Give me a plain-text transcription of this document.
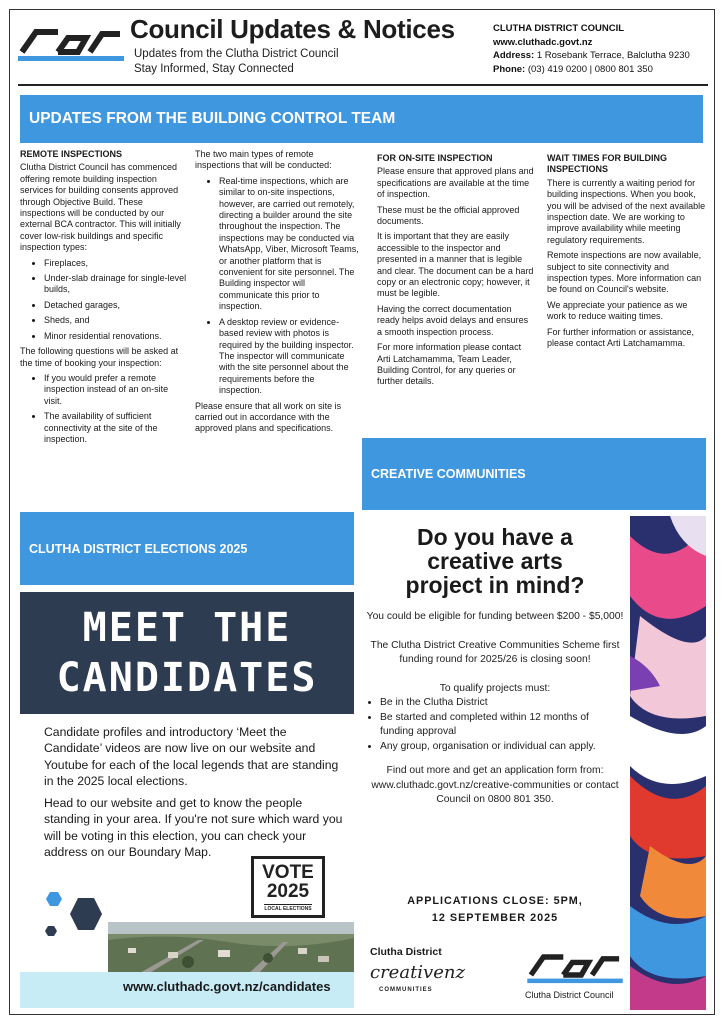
Council Updates & Notices
Updates from the Clutha District Council
Stay Informed, Stay Connected
CLUTHA DISTRICT COUNCIL
www.cluthadc.govt.nz
Address: 1 Rosebank Terrace, Balclutha 9230
Phone: (03) 419 0200 | 0800 801 350
UPDATES FROM THE BUILDING CONTROL TEAM
REMOTE INSPECTIONS

Clutha District Council has commenced offering remote building inspection services for building consents approved through Objective Build. These inspections will be conducted by our external BCA contractor. This will initially cover low-risk buildings and specific inspection types:

• Fireplaces,
• Under-slab drainage for single-level builds,
• Detached garages,
• Sheds, and
• Minor residential renovations.

The following questions will be asked at the time of booking your inspection:

• If you would prefer a remote inspection instead of an on-site visit.
• The availability of sufficient connectivity at the site of the inspection.

The two main types of remote inspections that will be conducted:

• Real-time inspections, which are similar to on-site inspections, however, are carried out remotely, directing a builder around the site throughout the inspection. The inspections may be conducted via WhatsApp, Viber, Microsoft Teams, or another platform that is convenient for site personnel. The Building inspector will communicate this prior to inspection.
• A desktop review or evidence-based review with photos is required by the building inspector. The inspector will communicate with the site personnel about the requirements before the inspection.

Please ensure that all work on site is carried out in accordance with the approved plans and specifications.

FOR ON-SITE INSPECTION

Please ensure that approved plans and specifications are available at the time of inspection.

These must be the official approved documents.

It is important that they are easily accessible to the inspector and presented in a manner that is legible and clear. The document can be a hard copy or an electronic copy; however, it must be legible.

Having the correct documentation ready helps avoid delays and ensures a smooth inspection process.

For more information please contact Arti Latchamamma, Team Leader, Building Control, for any queries or further details.

WAIT TIMES FOR BUILDING INSPECTIONS

There is currently a waiting period for building inspections. When you book, you will be advised of the next available inspection date. We are working to improve availability while meeting regulatory requirements.

Remote inspections are now available, subject to site connectivity and inspection types. More information can be found on Council's website.

We appreciate your patience as we work to reduce waiting times.

For further information or assistance, please contact Arti Latchamamma.

CREATIVE COMMUNITIES
CLUTHA DISTRICT ELECTIONS 2025
MEET THE
CANDIDATES

Candidate profiles and introductory ‘Meet the Candidate’ videos are now live on our website and Youtube for each of the local legends that are standing in the 2025 local elections.

Head to our website and get to know the people standing in your area. If you're not sure which ward you will be voting in this election, you can check your address on our Boundary Map.

VOTE
2025
LOCAL ELECTIONS
www.cluthadc.govt.nz/candidates
Do you have a
creative arts
project in mind?

You could be eligible for funding between $200 - $5,000!

The Clutha District Creative Communities Scheme first funding round for 2025/26 is closing soon!

To qualify projects must:

• Be in the Clutha District
• Be started and completed within 12 months of funding approval
• Any group, organisation or individual can apply.

Find out more and get an application form from: www.cluthadc.govt.nz/creative-communities or contact Council on 0800 801 350.

APPLICATIONS CLOSE: 5PM,
12 SEPTEMBER 2025
Clutha District
creativenz
COMMUNITIES	Clutha District Council
